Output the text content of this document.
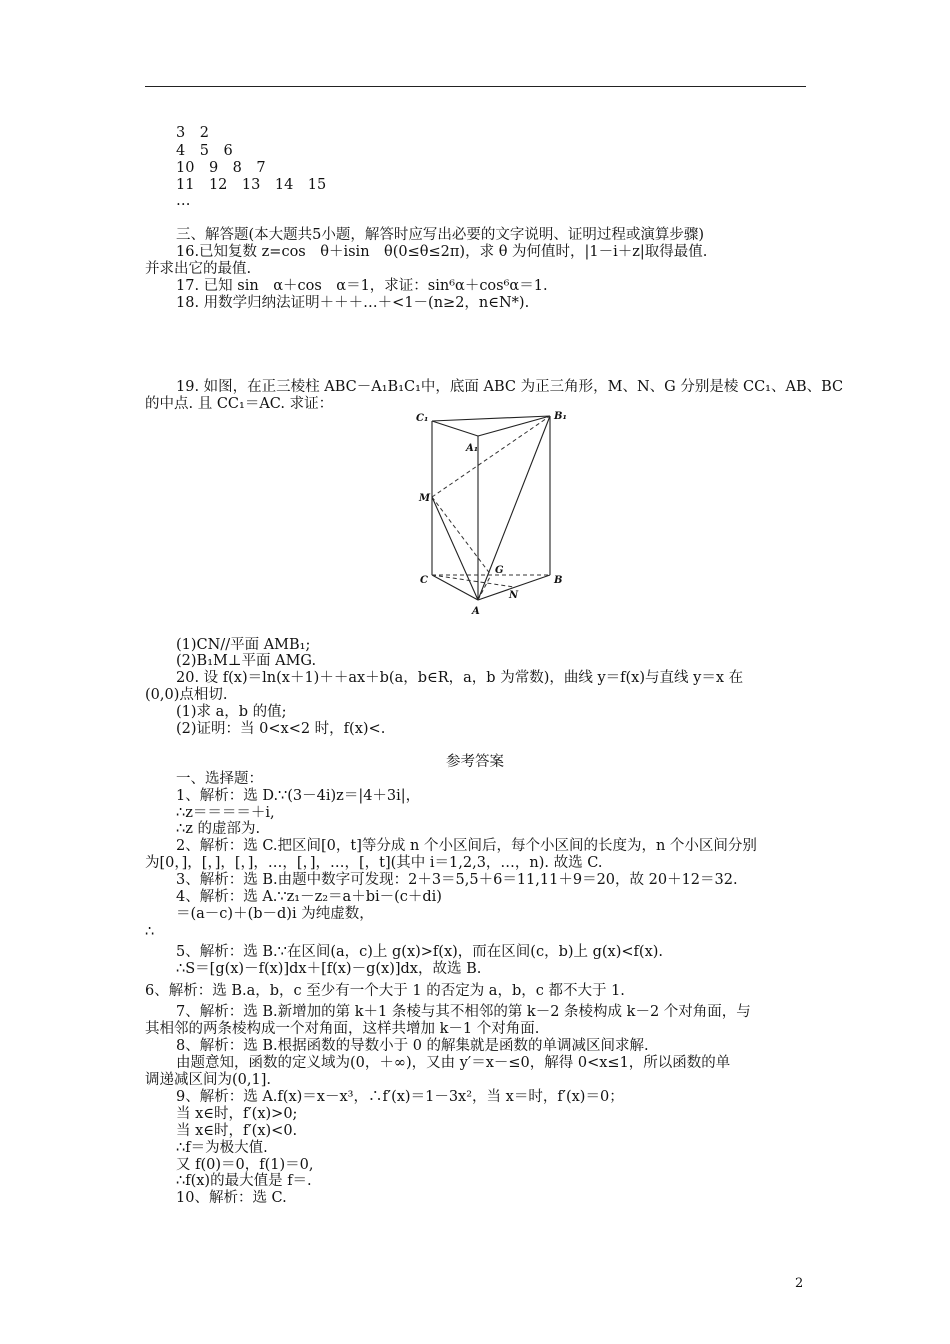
3　2
4　5　6
10　9　8　7
11　12　13　14　15
…
三、解答题(本大题共5小题，解答时应写出必要的文字说明、证明过程或演算步骤)
16.已知复数 z=cos　θ＋isin　θ(0≤θ≤2π)，求 θ 为何值时，|1－i＋z|取得最值.
并求出它的最值.
17. 已知 sin　α＋cos　α＝1，求证：sin⁶α＋cos⁶α＝1.
18. 用数学归纳法证明＋＋＋…＋<1－(n≥2，n∈N*).
19. 如图，在正三棱柱 ABC－A₁B₁C₁中，底面 ABC 为正三角形，M、N、G 分别是棱 CC₁、AB、BC
的中点. 且 CC₁＝AC. 求证：
C₁	B₁
A₁
M
C
G
B
N
A
(1)CN//平面 AMB₁;
(2)B₁M⊥平面 AMG.
20. 设 f(x)＝ln(x＋1)＋＋ax＋b(a，b∈R，a，b 为常数)，曲线 y＝f(x)与直线 y＝x 在
(0,0)点相切.
(1)求 a，b 的值;
(2)证明：当 0<x<2 时，f(x)<.
参考答案
一、选择题：
1、解析：选 D.∵(3－4i)z＝|4＋3i|，
∴z＝＝＝＝＋i,
∴z 的虚部为.
2、解析：选 C.把区间[0，t]等分成 n 个小区间后，每个小区间的长度为，n 个小区间分别
为[0，]，[，]，[，]，…，[，]，…，[，t](其中 i＝1,2,3，…，n). 故选 C.
3、解析：选 B.由题中数字可发现：2＋3＝5,5＋6＝11,11＋9＝20，故 20＋12＝32.
4、解析：选 A.∵z₁－z₂＝a＋bi－(c＋di)
＝(a－c)＋(b－d)i 为纯虚数，
∴
5、解析：选 B.∵在区间(a，c)上 g(x)>f(x)，而在区间(c，b)上 g(x)<f(x).
∴S＝[g(x)－f(x)]dx＋[f(x)－g(x)]dx，故选 B.
6、解析：选 B.a，b，c 至少有一个大于 1 的否定为 a，b，c 都不大于 1.
7、解析：选 B.新增加的第 k＋1 条棱与其不相邻的第 k－2 条棱构成 k－2 个对角面，与
其相邻的两条棱构成一个对角面，这样共增加 k－1 个对角面.
8、解析：选 B.根据函数的导数小于 0 的解集就是函数的单调减区间求解.
由题意知，函数的定义域为(0，＋∞)，又由 y′＝x－≤0，解得 0<x≤1，所以函数的单
调递减区间为(0,1].
9、解析：选 A.f(x)＝x－x³，∴f′(x)＝1－3x²，当 x＝时，f′(x)＝0；
当 x∈时，f′(x)>0;
当 x∈时，f′(x)<0.
∴f＝为极大值.
又 f(0)＝0，f(1)＝0,
∴f(x)的最大值是 f＝.
10、解析：选 C.
2
